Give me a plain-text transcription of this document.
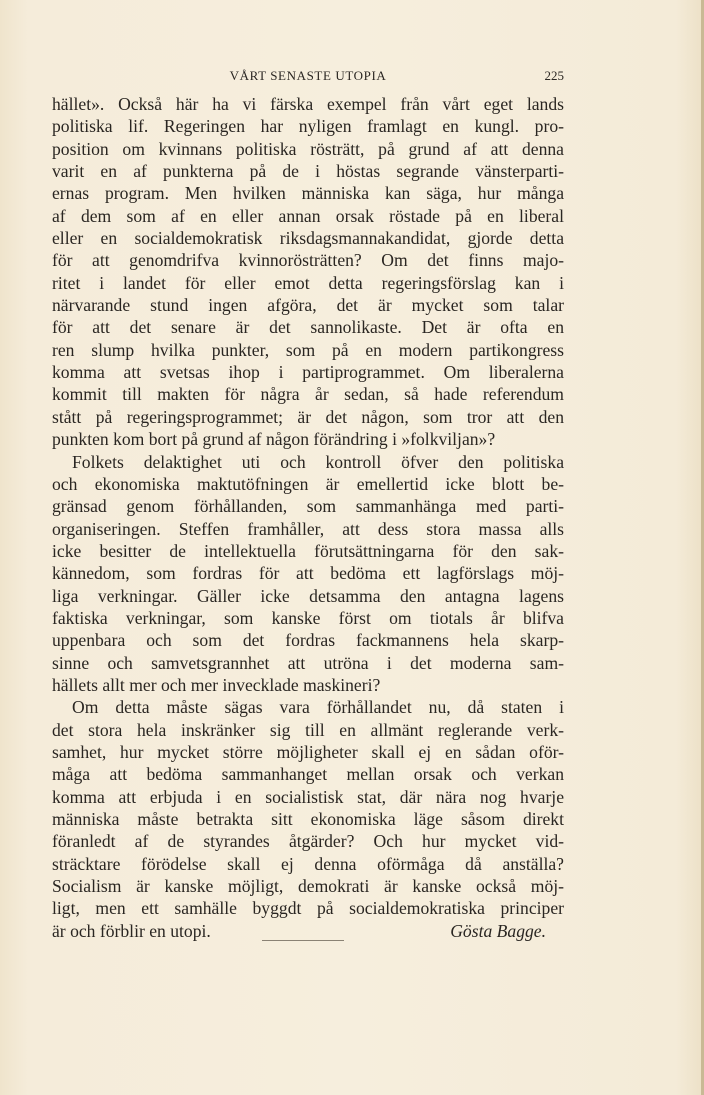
VÅRT SENASTE UTOPIA	225
hället». Också här ha vi färska exempel från vårt eget lands
politiska lif. Regeringen har nyligen framlagt en kungl. pro-
position om kvinnans politiska rösträtt, på grund af att denna
varit en af punkterna på de i höstas segrande vänsterparti-
ernas program. Men hvilken människa kan säga, hur många
af dem som af en eller annan orsak röstade på en liberal
eller en socialdemokratisk riksdagsmannakandidat, gjorde detta
för att genomdrifva kvinnorösträtten? Om det finns majo-
ritet i landet för eller emot detta regeringsförslag kan i
närvarande stund ingen afgöra, det är mycket som talar
för att det senare är det sannolikaste. Det är ofta en
ren slump hvilka punkter, som på en modern partikongress
komma att svetsas ihop i partiprogrammet. Om liberalerna
kommit till makten för några år sedan, så hade referendum
stått på regeringsprogrammet; är det någon, som tror att den
punkten kom bort på grund af någon förändring i »folkviljan»?
Folkets delaktighet uti och kontroll öfver den politiska
och ekonomiska maktutöfningen är emellertid icke blott be-
gränsad genom förhållanden, som sammanhänga med parti-
organiseringen. Steffen framhåller, att dess stora massa alls
icke besitter de intellektuella förutsättningarna för den sak-
kännedom, som fordras för att bedöma ett lagförslags möj-
liga verkningar. Gäller icke detsamma den antagna lagens
faktiska verkningar, som kanske först om tiotals år blifva
uppenbara och som det fordras fackmannens hela skarp-
sinne och samvetsgrannhet att utröna i det moderna sam-
hällets allt mer och mer invecklade maskineri?
Om detta måste sägas vara förhållandet nu, då staten i
det stora hela inskränker sig till en allmänt reglerande verk-
samhet, hur mycket större möjligheter skall ej en sådan oför-
måga att bedöma sammanhanget mellan orsak och verkan
komma att erbjuda i en socialistisk stat, där nära nog hvarje
människa måste betrakta sitt ekonomiska läge såsom direkt
föranledt af de styrandes åtgärder? Och hur mycket vid-
sträcktare förödelse skall ej denna oförmåga då anställa?
Socialism är kanske möjligt, demokrati är kanske också möj-
ligt, men ett samhälle byggdt på socialdemokratiska principer
är och förblir en utopi.	Gösta Bagge.
